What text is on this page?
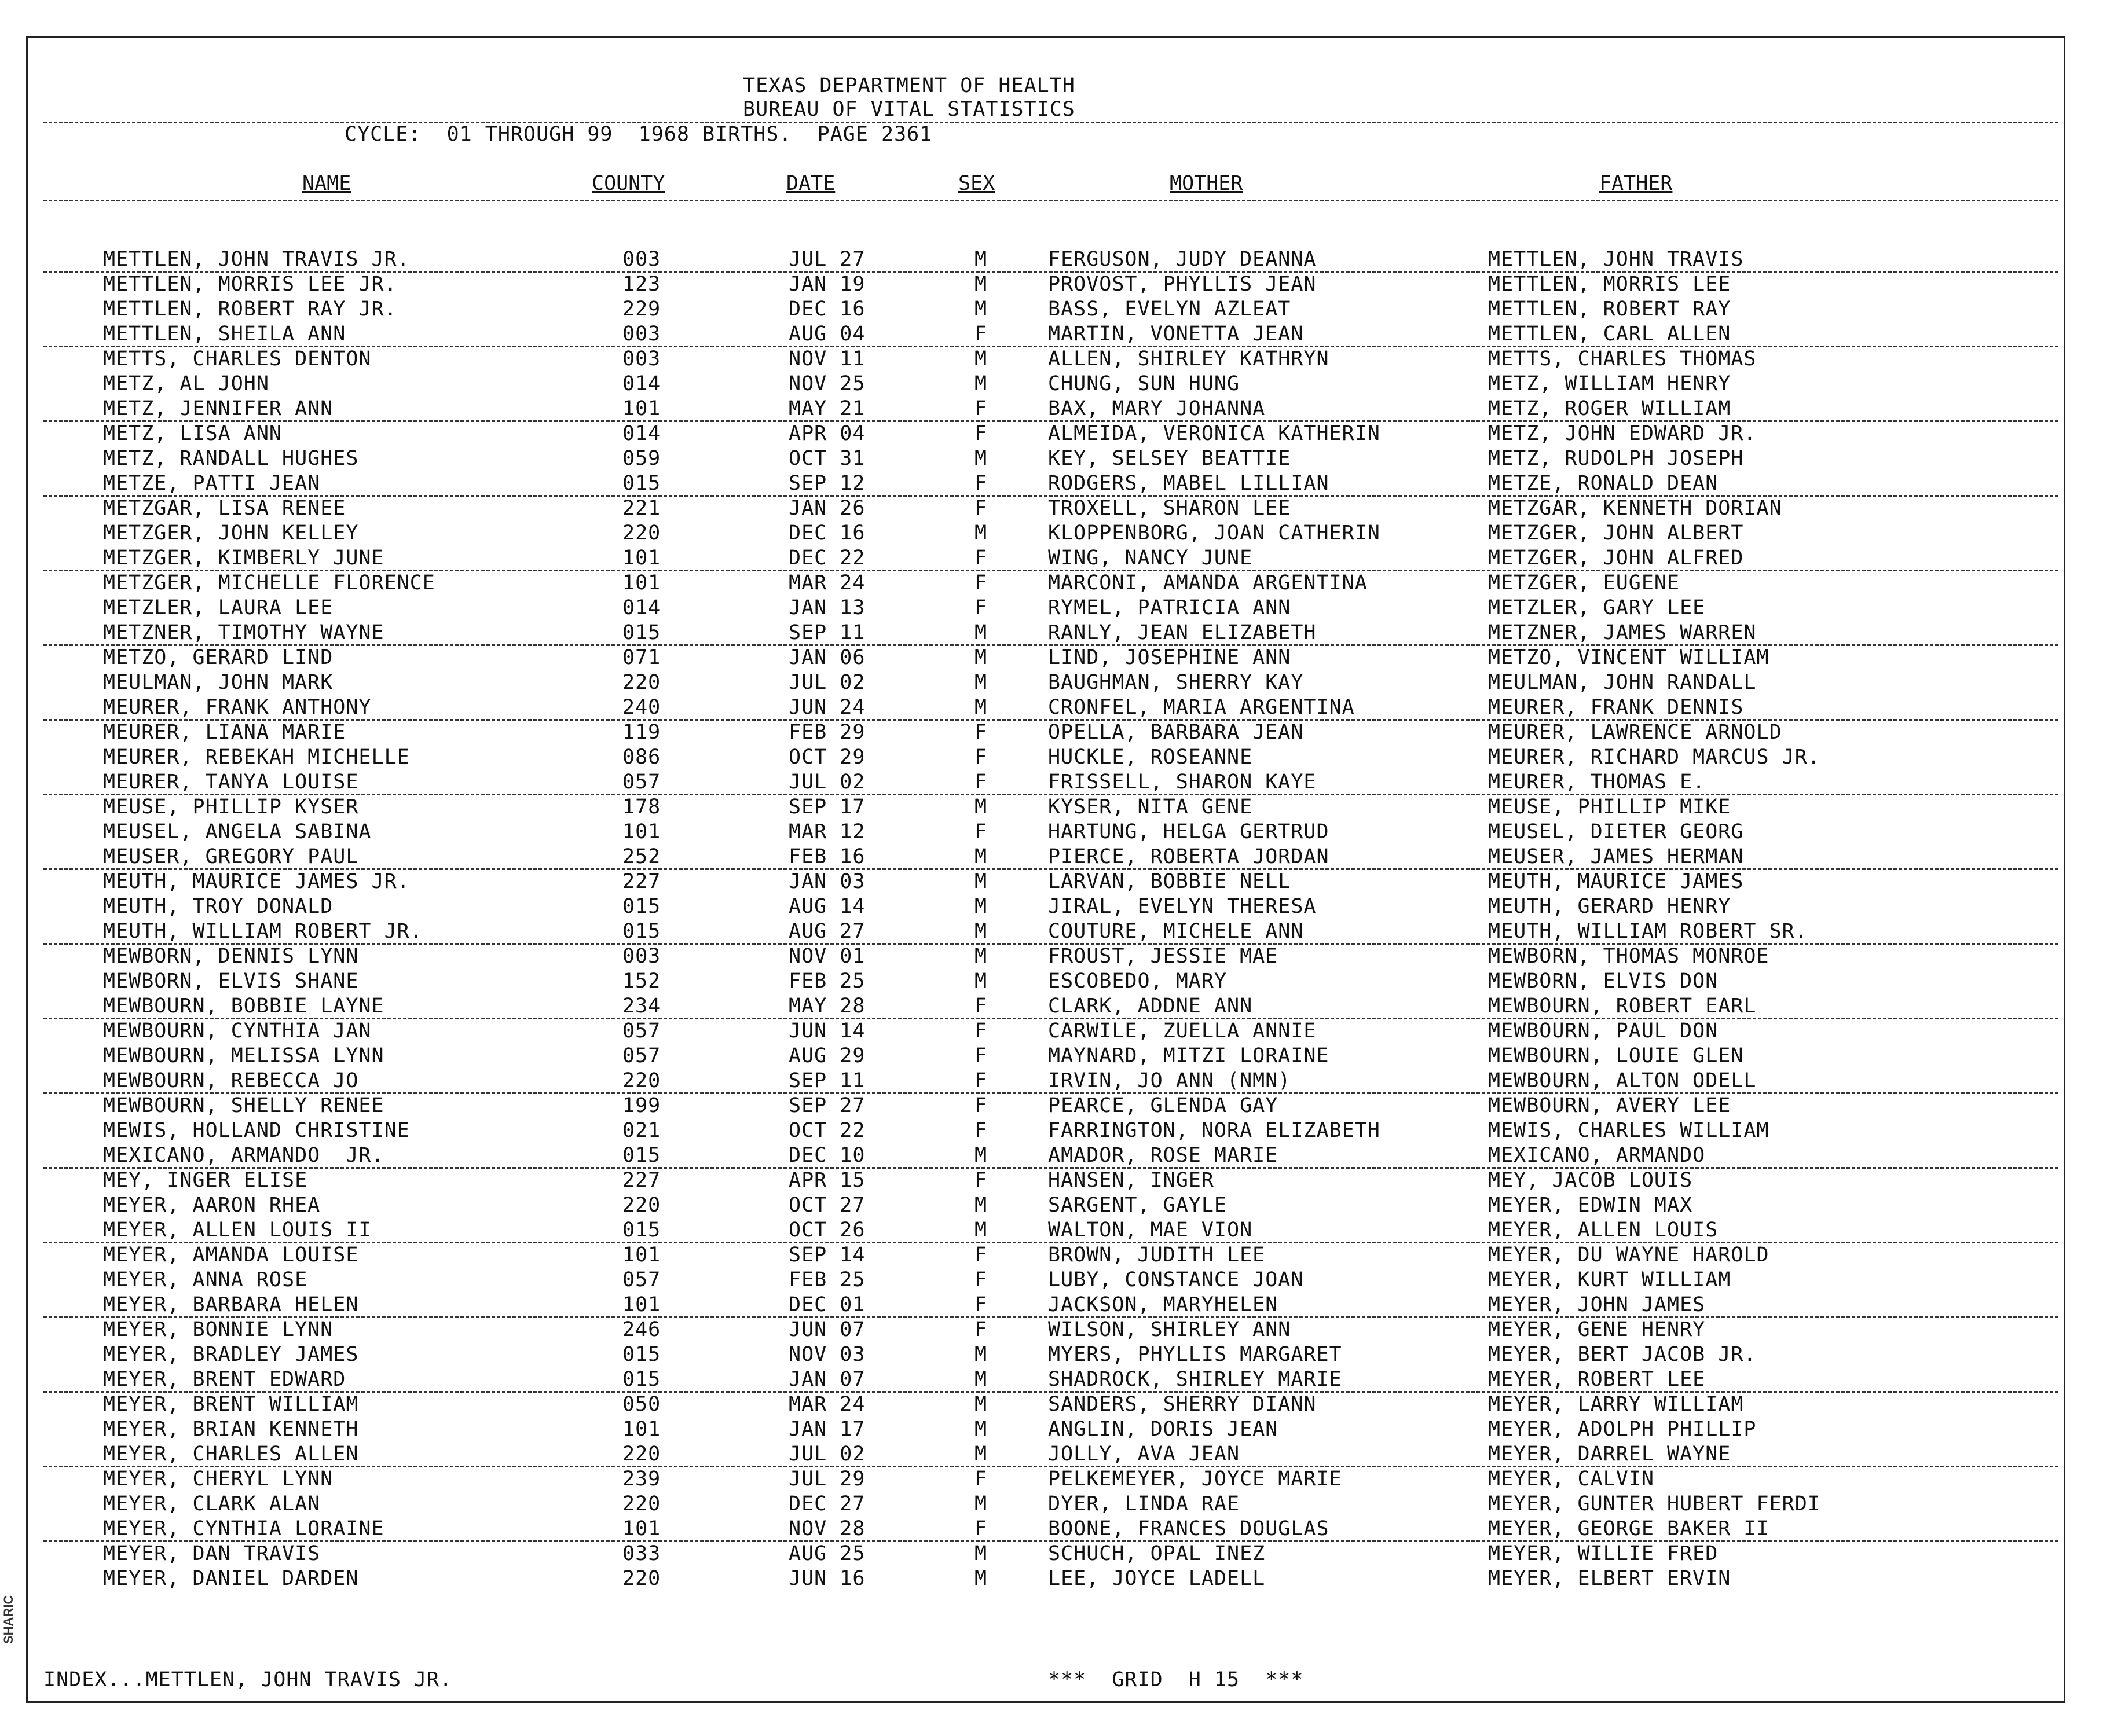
SHARIC
TEXAS DEPARTMENT OF HEALTH
BUREAU OF VITAL STATISTICS
CYCLE:  01 THROUGH 99  1968 BIRTHS.  PAGE 2361
NAME	COUNTY	DATE	SEX	MOTHER	FATHER
METTLEN, JOHN TRAVIS JR.	003	JUL 27	M	FERGUSON, JUDY DEANNA	METTLEN, JOHN TRAVIS
METTLEN, MORRIS LEE JR.	123	JAN 19	M	PROVOST, PHYLLIS JEAN	METTLEN, MORRIS LEE
METTLEN, ROBERT RAY JR.	229	DEC 16	M	BASS, EVELYN AZLEAT	METTLEN, ROBERT RAY
METTLEN, SHEILA ANN	003	AUG 04	F	MARTIN, VONETTA JEAN	METTLEN, CARL ALLEN
METTS, CHARLES DENTON	003	NOV 11	M	ALLEN, SHIRLEY KATHRYN	METTS, CHARLES THOMAS
METZ, AL JOHN	014	NOV 25	M	CHUNG, SUN HUNG	METZ, WILLIAM HENRY
METZ, JENNIFER ANN	101	MAY 21	F	BAX, MARY JOHANNA	METZ, ROGER WILLIAM
METZ, LISA ANN	014	APR 04	F	ALMEIDA, VERONICA KATHERIN	METZ, JOHN EDWARD JR.
METZ, RANDALL HUGHES	059	OCT 31	M	KEY, SELSEY BEATTIE	METZ, RUDOLPH JOSEPH
METZE, PATTI JEAN	015	SEP 12	F	RODGERS, MABEL LILLIAN	METZE, RONALD DEAN
METZGAR, LISA RENEE	221	JAN 26	F	TROXELL, SHARON LEE	METZGAR, KENNETH DORIAN
METZGER, JOHN KELLEY	220	DEC 16	M	KLOPPENBORG, JOAN CATHERIN	METZGER, JOHN ALBERT
METZGER, KIMBERLY JUNE	101	DEC 22	F	WING, NANCY JUNE	METZGER, JOHN ALFRED
METZGER, MICHELLE FLORENCE	101	MAR 24	F	MARCONI, AMANDA ARGENTINA	METZGER, EUGENE
METZLER, LAURA LEE	014	JAN 13	F	RYMEL, PATRICIA ANN	METZLER, GARY LEE
METZNER, TIMOTHY WAYNE	015	SEP 11	M	RANLY, JEAN ELIZABETH	METZNER, JAMES WARREN
METZO, GERARD LIND	071	JAN 06	M	LIND, JOSEPHINE ANN	METZO, VINCENT WILLIAM
MEULMAN, JOHN MARK	220	JUL 02	M	BAUGHMAN, SHERRY KAY	MEULMAN, JOHN RANDALL
MEURER, FRANK ANTHONY	240	JUN 24	M	CRONFEL, MARIA ARGENTINA	MEURER, FRANK DENNIS
MEURER, LIANA MARIE	119	FEB 29	F	OPELLA, BARBARA JEAN	MEURER, LAWRENCE ARNOLD
MEURER, REBEKAH MICHELLE	086	OCT 29	F	HUCKLE, ROSEANNE	MEURER, RICHARD MARCUS JR.
MEURER, TANYA LOUISE	057	JUL 02	F	FRISSELL, SHARON KAYE	MEURER, THOMAS E.
MEUSE, PHILLIP KYSER	178	SEP 17	M	KYSER, NITA GENE	MEUSE, PHILLIP MIKE
MEUSEL, ANGELA SABINA	101	MAR 12	F	HARTUNG, HELGA GERTRUD	MEUSEL, DIETER GEORG
MEUSER, GREGORY PAUL	252	FEB 16	M	PIERCE, ROBERTA JORDAN	MEUSER, JAMES HERMAN
MEUTH, MAURICE JAMES JR.	227	JAN 03	M	LARVAN, BOBBIE NELL	MEUTH, MAURICE JAMES
MEUTH, TROY DONALD	015	AUG 14	M	JIRAL, EVELYN THERESA	MEUTH, GERARD HENRY
MEUTH, WILLIAM ROBERT JR.	015	AUG 27	M	COUTURE, MICHELE ANN	MEUTH, WILLIAM ROBERT SR.
MEWBORN, DENNIS LYNN	003	NOV 01	M	FROUST, JESSIE MAE	MEWBORN, THOMAS MONROE
MEWBORN, ELVIS SHANE	152	FEB 25	M	ESCOBEDO, MARY	MEWBORN, ELVIS DON
MEWBOURN, BOBBIE LAYNE	234	MAY 28	F	CLARK, ADDNE ANN	MEWBOURN, ROBERT EARL
MEWBOURN, CYNTHIA JAN	057	JUN 14	F	CARWILE, ZUELLA ANNIE	MEWBOURN, PAUL DON
MEWBOURN, MELISSA LYNN	057	AUG 29	F	MAYNARD, MITZI LORAINE	MEWBOURN, LOUIE GLEN
MEWBOURN, REBECCA JO	220	SEP 11	F	IRVIN, JO ANN (NMN)	MEWBOURN, ALTON ODELL
MEWBOURN, SHELLY RENEE	199	SEP 27	F	PEARCE, GLENDA GAY	MEWBOURN, AVERY LEE
MEWIS, HOLLAND CHRISTINE	021	OCT 22	F	FARRINGTON, NORA ELIZABETH	MEWIS, CHARLES WILLIAM
MEXICANO, ARMANDO  JR.	015	DEC 10	M	AMADOR, ROSE MARIE	MEXICANO, ARMANDO
MEY, INGER ELISE	227	APR 15	F	HANSEN, INGER	MEY, JACOB LOUIS
MEYER, AARON RHEA	220	OCT 27	M	SARGENT, GAYLE	MEYER, EDWIN MAX
MEYER, ALLEN LOUIS II	015	OCT 26	M	WALTON, MAE VION	MEYER, ALLEN LOUIS
MEYER, AMANDA LOUISE	101	SEP 14	F	BROWN, JUDITH LEE	MEYER, DU WAYNE HAROLD
MEYER, ANNA ROSE	057	FEB 25	F	LUBY, CONSTANCE JOAN	MEYER, KURT WILLIAM
MEYER, BARBARA HELEN	101	DEC 01	F	JACKSON, MARYHELEN	MEYER, JOHN JAMES
MEYER, BONNIE LYNN	246	JUN 07	F	WILSON, SHIRLEY ANN	MEYER, GENE HENRY
MEYER, BRADLEY JAMES	015	NOV 03	M	MYERS, PHYLLIS MARGARET	MEYER, BERT JACOB JR.
MEYER, BRENT EDWARD	015	JAN 07	M	SHADROCK, SHIRLEY MARIE	MEYER, ROBERT LEE
MEYER, BRENT WILLIAM	050	MAR 24	M	SANDERS, SHERRY DIANN	MEYER, LARRY WILLIAM
MEYER, BRIAN KENNETH	101	JAN 17	M	ANGLIN, DORIS JEAN	MEYER, ADOLPH PHILLIP
MEYER, CHARLES ALLEN	220	JUL 02	M	JOLLY, AVA JEAN	MEYER, DARREL WAYNE
MEYER, CHERYL LYNN	239	JUL 29	F	PELKEMEYER, JOYCE MARIE	MEYER, CALVIN
MEYER, CLARK ALAN	220	DEC 27	M	DYER, LINDA RAE	MEYER, GUNTER HUBERT FERDI
MEYER, CYNTHIA LORAINE	101	NOV 28	F	BOONE, FRANCES DOUGLAS	MEYER, GEORGE BAKER II
MEYER, DAN TRAVIS	033	AUG 25	M	SCHUCH, OPAL INEZ	MEYER, WILLIE FRED
MEYER, DANIEL DARDEN	220	JUN 16	M	LEE, JOYCE LADELL	MEYER, ELBERT ERVIN
INDEX...METTLEN, JOHN TRAVIS JR.	***  GRID  H 15  ***
